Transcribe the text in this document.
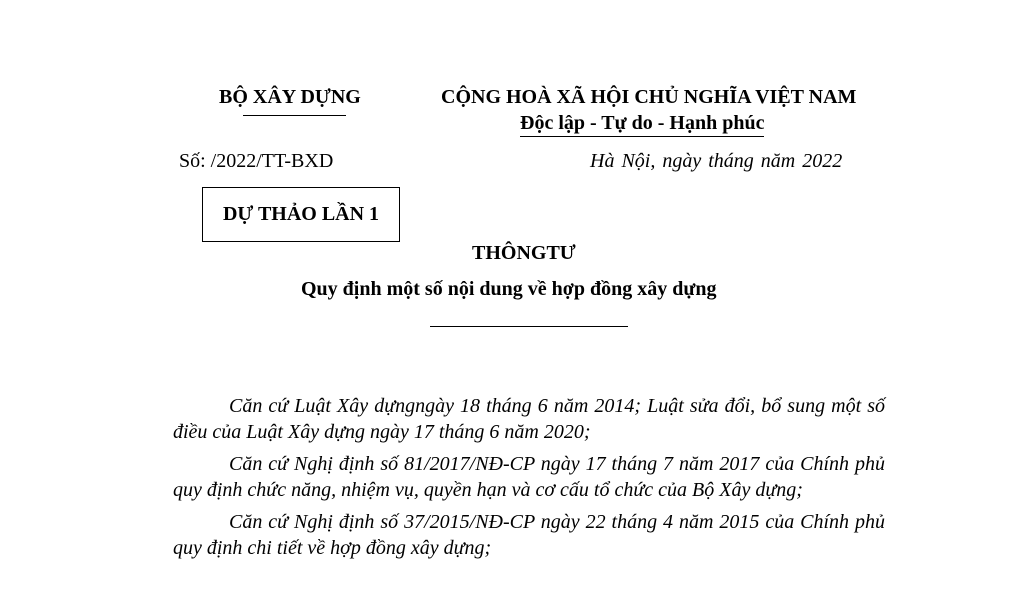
BỘ XÂY DỰNG	CỘNG HOÀ XÃ HỘI CHỦ NGHĨA VIỆT NAM
Độc lập - Tự do - Hạnh phúc
Số: /2022/TT-BXD	Hà Nội, ngày tháng năm 2022
DỰ THẢO LẦN 1
THÔNGTƯ
Quy định một số nội dung về hợp đồng xây dựng

Căn cứ Luật Xây dựngngày 18 tháng 6 năm 2014; Luật sửa đổi, bổ sung một số điều của Luật Xây dựng ngày 17 tháng 6 năm 2020;

Căn cứ Nghị định số 81/2017/NĐ-CP ngày 17 tháng 7 năm 2017 của Chính phủ quy định chức năng, nhiệm vụ, quyền hạn và cơ cấu tổ chức của Bộ Xây dựng;

Căn cứ Nghị định số 37/2015/NĐ-CP ngày 22 tháng 4 năm 2015 của Chính phủ quy định chi tiết về hợp đồng xây dựng;
